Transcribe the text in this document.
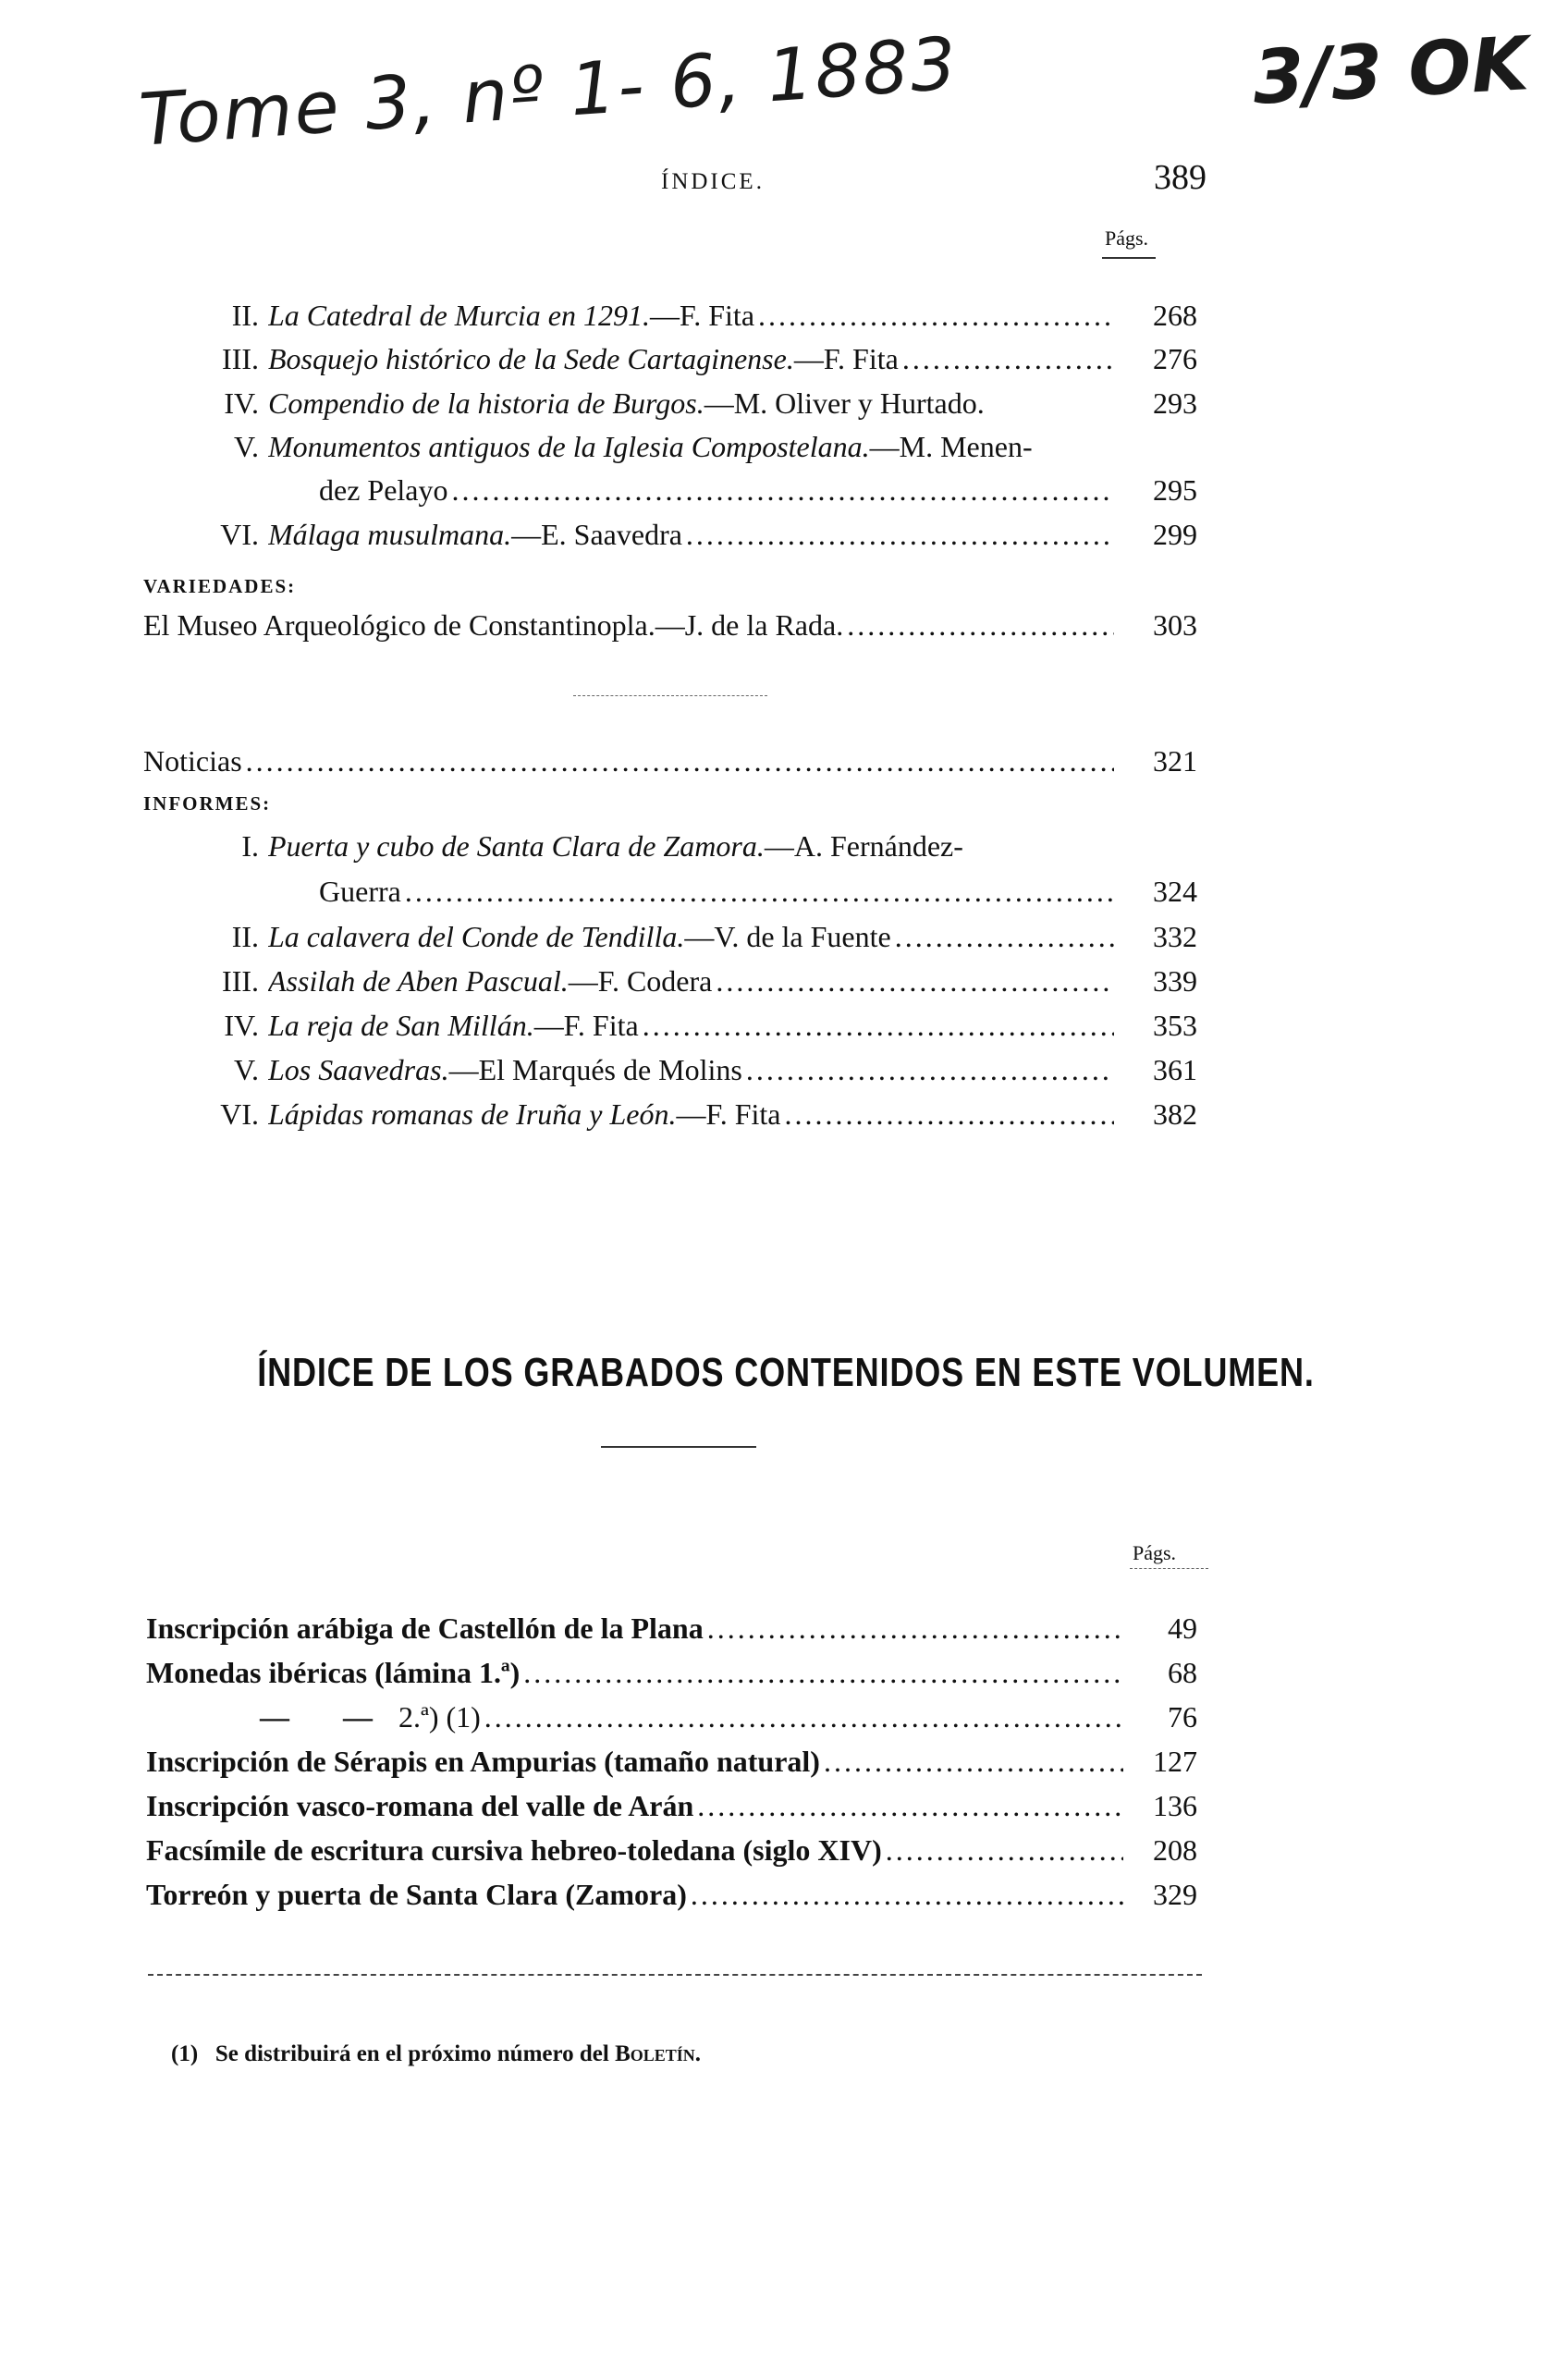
Tome 3, nº 1- 6, 1883	3/3 OK
ÍNDICE.	389
Págs.
II. La Catedral de Murcia en 1291. —F. Fita .....	268
III. Bosquejo histórico de la Sede Cartaginense. —F. Fita .....	276
IV. Compendio de la historia de Burgos. —M. Oliver y Hurtado.	293
V. Monumentos antiguos de la Iglesia Compostelana. —M. Menen-
dez Pelayo .....	295
VI. Málaga musulmana. —E. Saavedra .....	299
VARIEDADES:
El Museo Arqueológico de Constantinopla.—J. de la Rada. .....	303
Noticias .....	321
INFORMES:
I. Puerta y cubo de Santa Clara de Zamora. —A. Fernández-
Guerra .....	324
II. La calavera del Conde de Tendilla. —V. de la Fuente .....	332
III. Assilah de Aben Pascual. —F. Codera .....	339
IV. La reja de San Millán. —F. Fita .....	353
V. Los Saavedras. —El Marqués de Molins .....	361
VI. Lápidas romanas de Iruña y León. —F. Fita .....	382
ÍNDICE DE LOS GRABADOS CONTENIDOS EN ESTE VOLUMEN.
Págs.
Inscripción arábiga de Castellón de la Plana .....	49
Monedas ibéricas (lámina 1.ª) .....	68
—	— 2.ª) (1) .....	76
Inscripción de Sérapis en Ampurias (tamaño natural) .....	127
Inscripción vasco-romana del valle de Arán .....	136
Facsímile de escritura cursiva hebreo-toledana (siglo XIV) .....	208
Torreón y puerta de Santa Clara (Zamora) .....	329
(1) Se distribuirá en el próximo número del Boletín.
